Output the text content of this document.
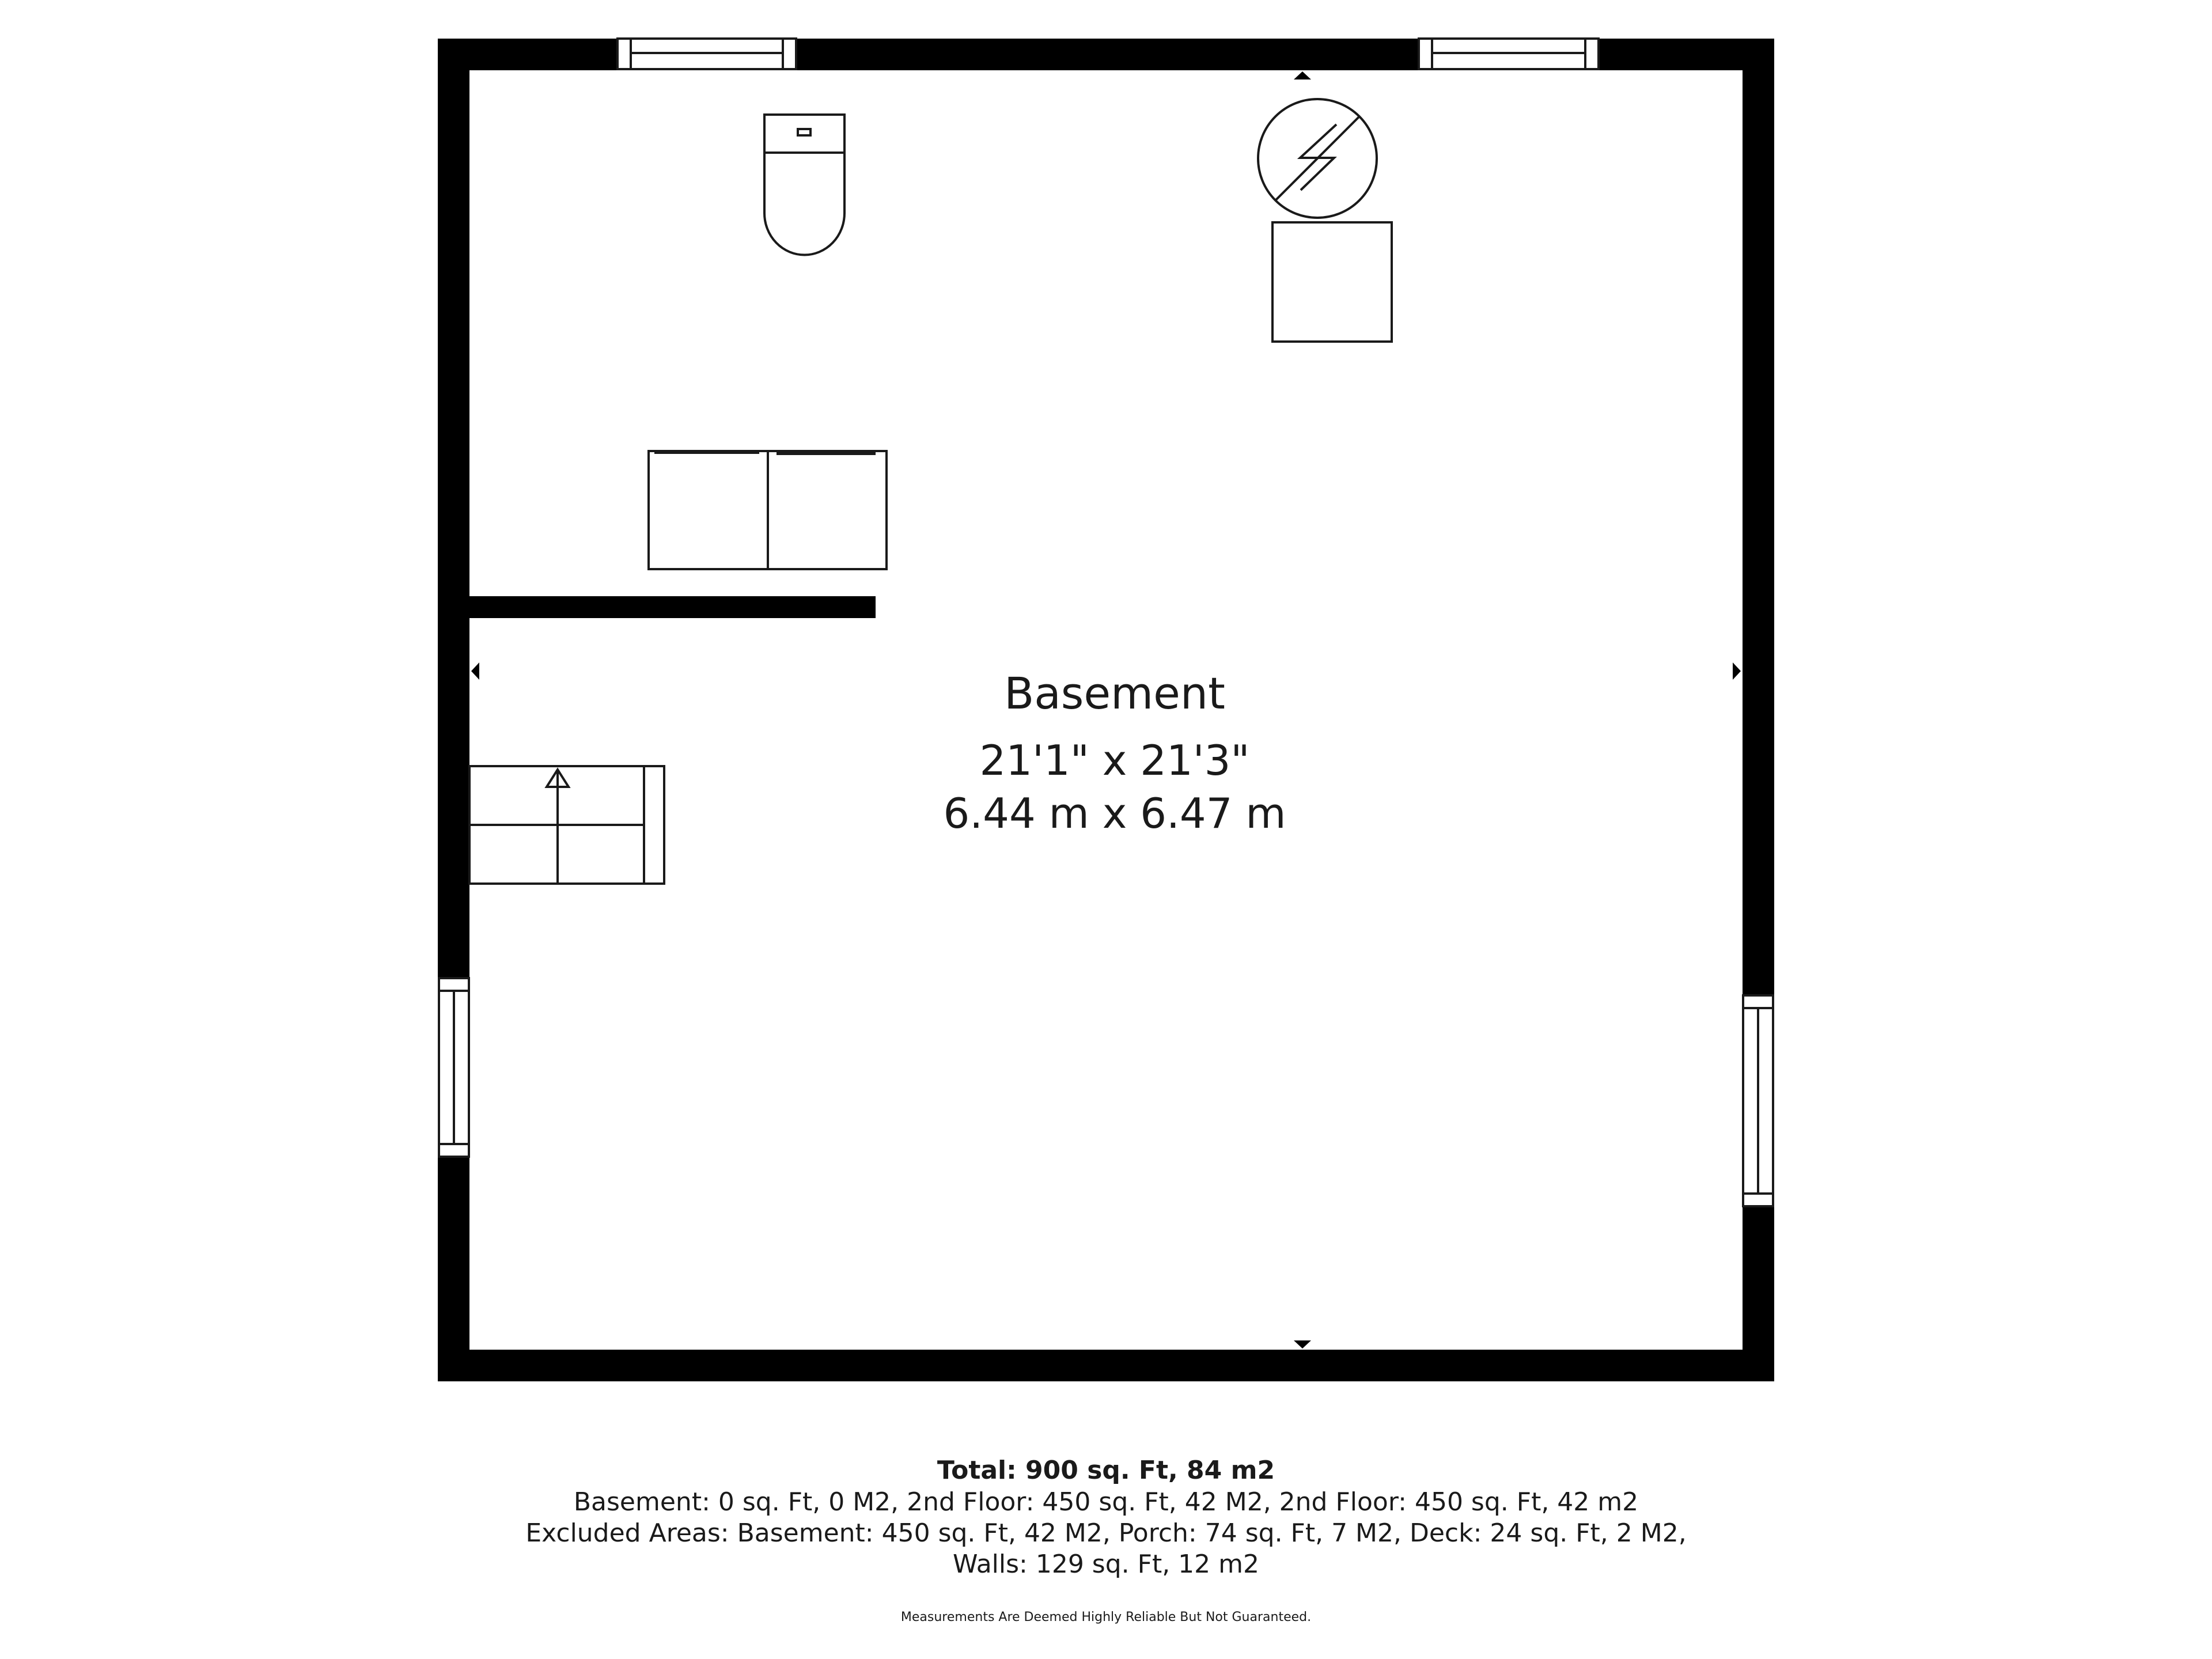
Basement
21'1" x 21'3"
6.44 m x 6.47 m
Total: 900 sq. Ft, 84 m2
Basement: 0 sq. Ft, 0 M2, 2nd Floor: 450 sq. Ft, 42 M2, 2nd Floor: 450 sq. Ft, 42 m2
Excluded Areas: Basement: 450 sq. Ft, 42 M2, Porch: 74 sq. Ft, 7 M2, Deck: 24 sq. Ft, 2 M2,
Walls: 129 sq. Ft, 12 m2
Measurements Are Deemed Highly Reliable But Not Guaranteed.
